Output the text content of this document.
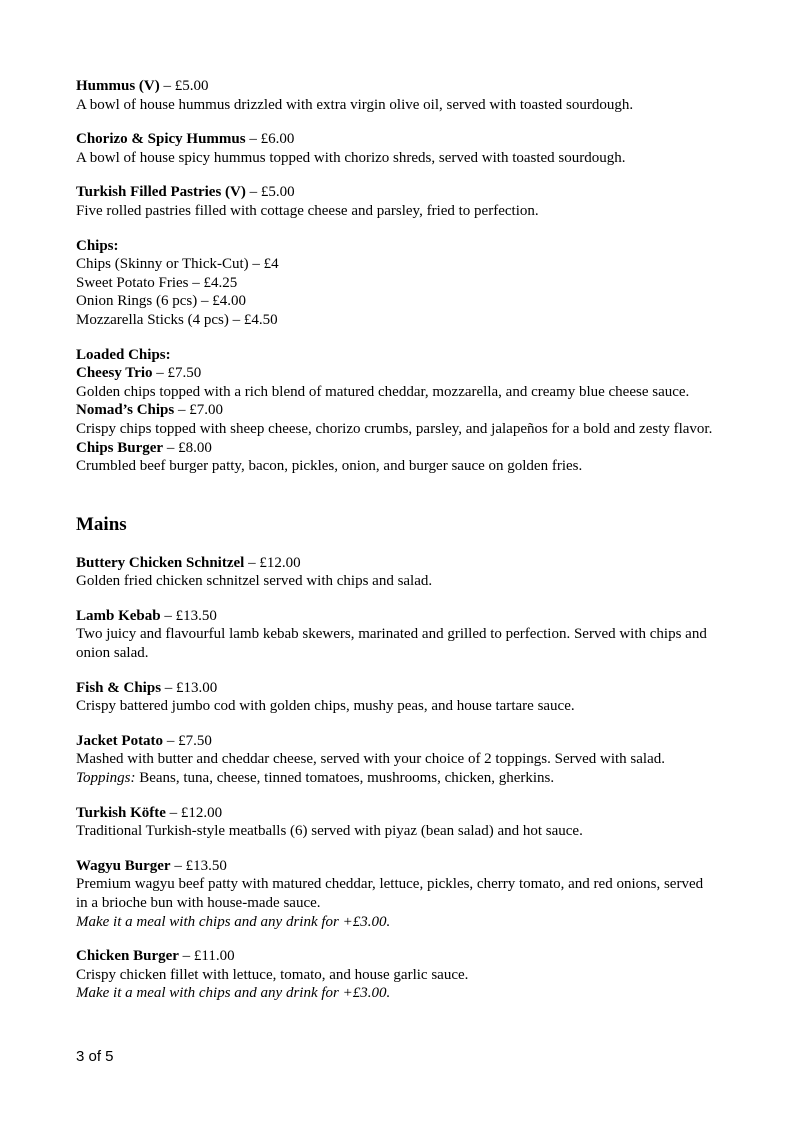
Hummus (V) – £5.00

A bowl of house hummus drizzled with extra virgin olive oil, served with toasted sourdough.

Chorizo & Spicy Hummus – £6.00

A bowl of house spicy hummus topped with chorizo shreds, served with toasted sourdough.

Turkish Filled Pastries (V) – £5.00

Five rolled pastries filled with cottage cheese and parsley, fried to perfection.

Chips:

Chips (Skinny or Thick-Cut) – £4

Sweet Potato Fries – £4.25

Onion Rings (6 pcs) – £4.00

Mozzarella Sticks (4 pcs) – £4.50

Loaded Chips:

Cheesy Trio – £7.50

Golden chips topped with a rich blend of matured cheddar, mozzarella, and creamy blue cheese sauce.

Nomad’s Chips – £7.00

Crispy chips topped with sheep cheese, chorizo crumbs, parsley, and jalapeños for a bold and zesty flavor.

Chips Burger – £8.00

Crumbled beef burger patty, bacon, pickles, onion, and burger sauce on golden fries.

Mains

Buttery Chicken Schnitzel – £12.00

Golden fried chicken schnitzel served with chips and salad.

Lamb Kebab – £13.50

Two juicy and flavourful lamb kebab skewers, marinated and grilled to perfection. Served with chips and onion salad.

Fish & Chips – £13.00

Crispy battered jumbo cod with golden chips, mushy peas, and house tartare sauce.

Jacket Potato – £7.50

Mashed with butter and cheddar cheese, served with your choice of 2 toppings. Served with salad.

Toppings: Beans, tuna, cheese, tinned tomatoes, mushrooms, chicken, gherkins.

Turkish Köfte – £12.00

Traditional Turkish-style meatballs (6) served with piyaz (bean salad) and hot sauce.

Wagyu Burger – £13.50

Premium wagyu beef patty with matured cheddar, lettuce, pickles, cherry tomato, and red onions, served in a brioche bun with house-made sauce.

Make it a meal with chips and any drink for +£3.00.

Chicken Burger – £11.00

Crispy chicken fillet with lettuce, tomato, and house garlic sauce.

Make it a meal with chips and any drink for +£3.00.

3 of 5
